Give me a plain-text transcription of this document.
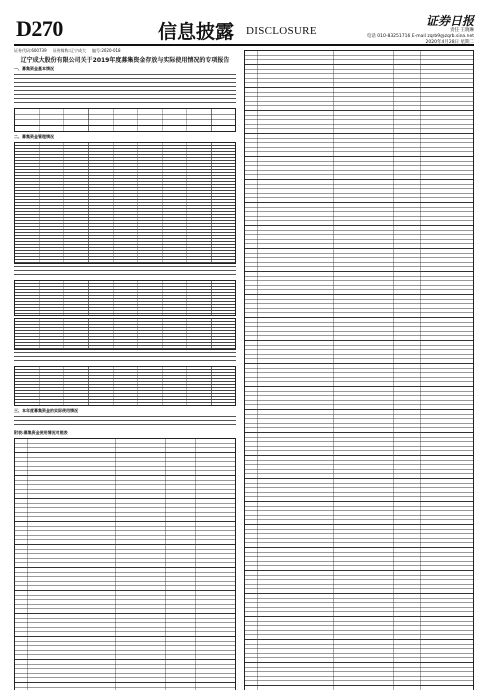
D270	信息披露 DISCLOSURE
证券日报
责任 王晓琳
电话 010-83251716 E-mail zqrb9@zqrb.sina.net
2020年4月28日 星期二
证券代码:600739 证券简称:辽宁成大 编号:2020-018
辽宁成大股份有限公司关于2019年度募集资金存放与实际使用情况的专项报告
一、募集资金基本情况
二、募集资金管理情况
三、本年度募集资金的实际使用情况
附表:募集资金使用情况对照表
